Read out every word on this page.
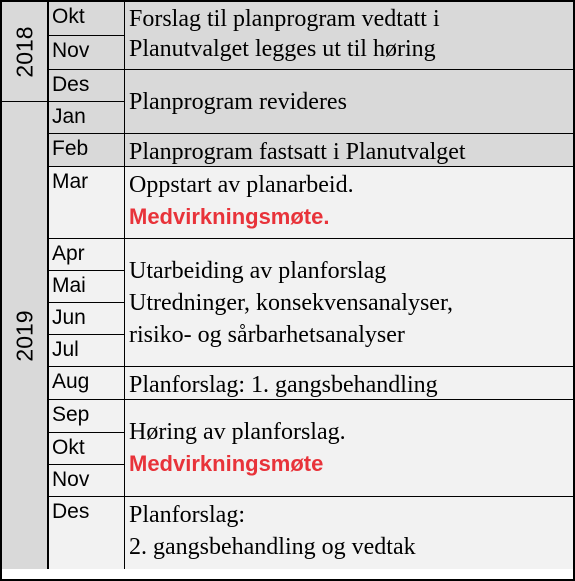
2018
2019
Okt
Nov
Des
Jan
Feb
Mar
Apr
Mai
Jun
Jul
Aug
Sep
Okt
Nov
Des
Forslag til planprogram vedtatt i
Planutvalget legges ut til høring
Planprogram revideres
Planprogram fastsatt i Planutvalget
Oppstart av planarbeid.
Medvirkningsmøte.
Utarbeiding av planforslag
Utredninger, konsekvensanalyser,
risiko- og sårbarhetsanalyser
Planforslag: 1. gangsbehandling
Høring av planforslag.
Medvirkningsmøte
Planforslag:
2. gangsbehandling og vedtak
